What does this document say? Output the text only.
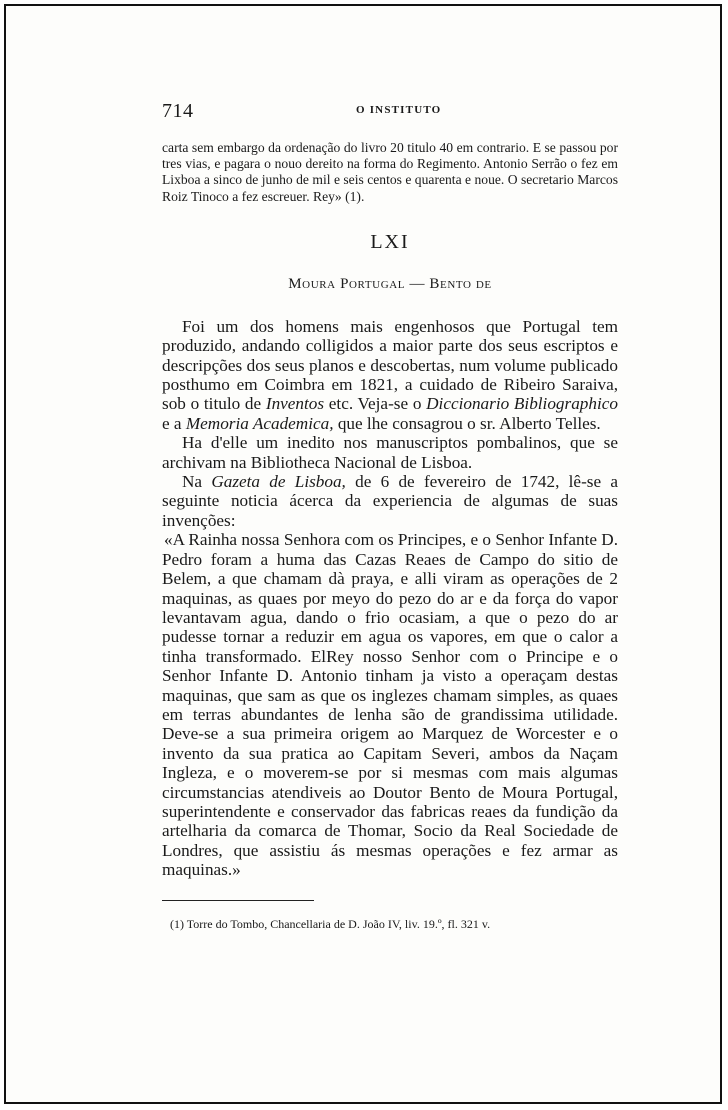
714	O INSTITUTO

carta sem embargo da ordenação do livro 20 titulo 40 em contrario. E se passou por tres vias, e pagara o nouo dereito na forma do Regimento. Antonio Serrão o fez em Lixboa a sinco de junho de mil e seis centos e quarenta e noue. O secretario Marcos Roiz Tinoco a fez escreuer. Rey» (1).

LXI
Moura Portugal — Bento de

Foi um dos homens mais engenhosos que Portugal tem produzido, andando colligidos a maior parte dos seus escriptos e descripções dos seus planos e descobertas, num volume publicado posthumo em Coimbra em 1821, a cuidado de Ribeiro Saraiva, sob o titulo de Inventos etc. Veja-se o Diccionario Bibliographico e a Memoria Academica, que lhe consagrou o sr. Alberto Telles.

Ha d'elle um inedito nos manuscriptos pombalinos, que se archivam na Bibliotheca Nacional de Lisboa.

Na Gazeta de Lisboa, de 6 de fevereiro de 1742, lê-se a seguinte noticia ácerca da experiencia de algumas de suas invenções:

«A Rainha nossa Senhora com os Principes, e o Senhor Infante D. Pedro foram a huma das Cazas Reaes de Campo do sitio de Belem, a que chamam dà praya, e alli viram as operações de 2 maquinas, as quaes por meyo do pezo do ar e da força do vapor levantavam agua, dando o frio ocasiam, a que o pezo do ar pudesse tornar a reduzir em agua os vapores, em que o calor a tinha transformado. ElRey nosso Senhor com o Principe e o Senhor Infante D. Antonio tinham ja visto a operaçam destas maquinas, que sam as que os inglezes chamam simples, as quaes em terras abundantes de lenha são de grandissima utilidade. Deve-se a sua primeira origem ao Marquez de Worcester e o invento da sua pratica ao Capitam Severi, ambos da Naçam Ingleza, e o moverem-se por si mesmas com mais algumas circumstancias atendiveis ao Doutor Bento de Moura Portugal, superintendente e conservador das fabricas reaes da fundição da artelharia da comarca de Thomar, Socio da Real Sociedade de Londres, que assistiu ás mesmas operações e fez armar as maquinas.»

(1) Torre do Tombo, Chancellaria de D. João IV, liv. 19.º, fl. 321 v.
